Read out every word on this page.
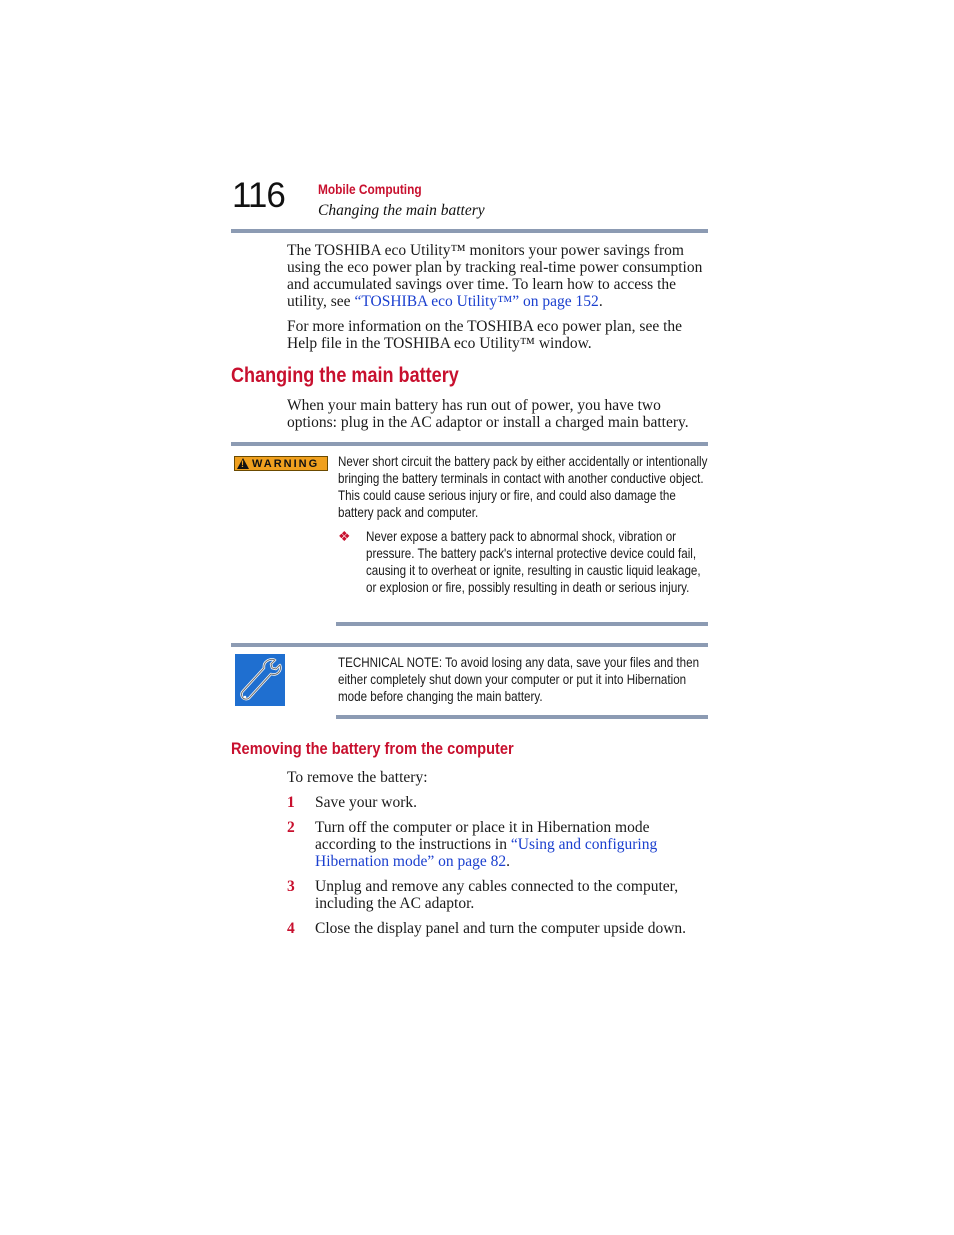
116 Mobile Computing
Changing the main battery

The TOSHIBA eco Utility™ monitors your power savings from using the eco power plan by tracking real-time power consumption and accumulated savings over time. To learn how to access the utility, see “TOSHIBA eco Utility™” on page 152.

For more information on the TOSHIBA eco power plan, see the Help file in the TOSHIBA eco Utility™ window.

Changing the main battery
When your main battery has run out of power, you have two options: plug in the AC adaptor or install a charged main battery.
!
WARNING Never short circuit the battery pack by either accidentally or intentionally bringing the battery terminals in contact with another conductive object. This could cause serious injury or fire, and could also damage the battery pack and computer.

❖ Never expose a battery pack to abnormal shock, vibration or pressure. The battery pack's internal protective device could fail, causing it to overheat or ignite, resulting in caustic liquid leakage, or explosion or fire, possibly resulting in death or serious injury.

TECHNICAL NOTE: To avoid losing any data, save your files and then either completely shut down your computer or put it into Hibernation mode before changing the main battery.

Removing the battery from the computer
To remove the battery:
1 Save your work.
2 Turn off the computer or place it in Hibernation mode according to the instructions in “Using and configuring Hibernation mode” on page 82.

3 Unplug and remove any cables connected to the computer, including the AC adaptor.
4 Close the display panel and turn the computer upside down.
